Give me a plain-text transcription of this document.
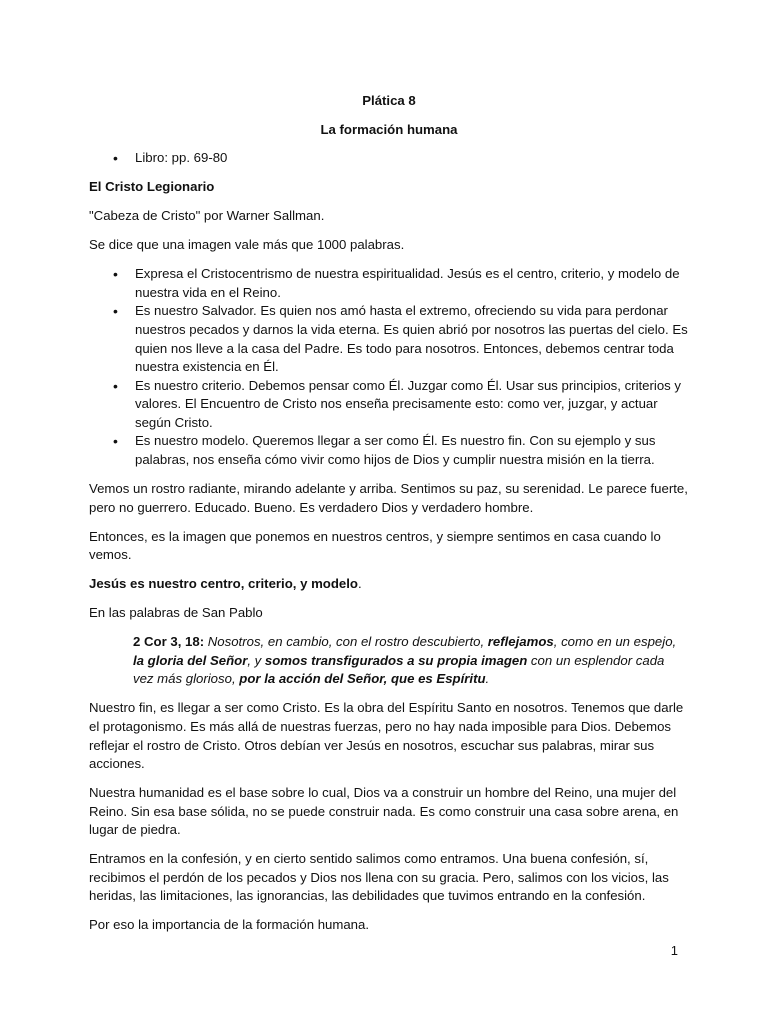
Plática 8

La formación humana

• Libro: pp. 69-80

El Cristo Legionario

"Cabeza de Cristo" por Warner Sallman.

Se dice que una imagen vale más que 1000 palabras.

• Expresa el Cristocentrismo de nuestra espiritualidad. Jesús es el centro, criterio, y modelo de nuestra vida en el Reino.
• Es nuestro Salvador. Es quien nos amó hasta el extremo, ofreciendo su vida para perdonar nuestros pecados y darnos la vida eterna. Es quien abrió por nosotros las puertas del cielo. Es quien nos lleve a la casa del Padre. Es todo para nosotros. Entonces, debemos centrar toda nuestra existencia en Él.
• Es nuestro criterio. Debemos pensar como Él. Juzgar como Él. Usar sus principios, criterios y valores. El Encuentro de Cristo nos enseña precisamente esto: como ver, juzgar, y actuar según Cristo.
• Es nuestro modelo. Queremos llegar a ser como Él. Es nuestro fin. Con su ejemplo y sus palabras, nos enseña cómo vivir como hijos de Dios y cumplir nuestra misión en la tierra.

Vemos un rostro radiante, mirando adelante y arriba. Sentimos su paz, su serenidad. Le parece fuerte, pero no guerrero. Educado. Bueno. Es verdadero Dios y verdadero hombre.

Entonces, es la imagen que ponemos en nuestros centros, y siempre sentimos en casa cuando lo vemos.

Jesús es nuestro centro, criterio, y modelo.

En las palabras de San Pablo

2 Cor 3, 18: Nosotros, en cambio, con el rostro descubierto, reflejamos, como en un espejo, la gloria del Señor, y somos transfigurados a su propia imagen con un esplendor cada vez más glorioso, por la acción del Señor, que es Espíritu.

Nuestro fin, es llegar a ser como Cristo. Es la obra del Espíritu Santo en nosotros. Tenemos que darle el protagonismo. Es más allá de nuestras fuerzas, pero no hay nada imposible para Dios. Debemos reflejar el rostro de Cristo. Otros debían ver Jesús en nosotros, escuchar sus palabras, mirar sus acciones.

Nuestra humanidad es el base sobre lo cual, Dios va a construir un hombre del Reino, una mujer del Reino. Sin esa base sólida, no se puede construir nada. Es como construir una casa sobre arena, en lugar de piedra.

Entramos en la confesión, y en cierto sentido salimos como entramos. Una buena confesión, sí, recibimos el perdón de los pecados y Dios nos llena con su gracia. Pero, salimos con los vicios, las heridas, las limitaciones, las ignorancias, las debilidades que tuvimos entrando en la confesión.

Por eso la importancia de la formación humana.

1
